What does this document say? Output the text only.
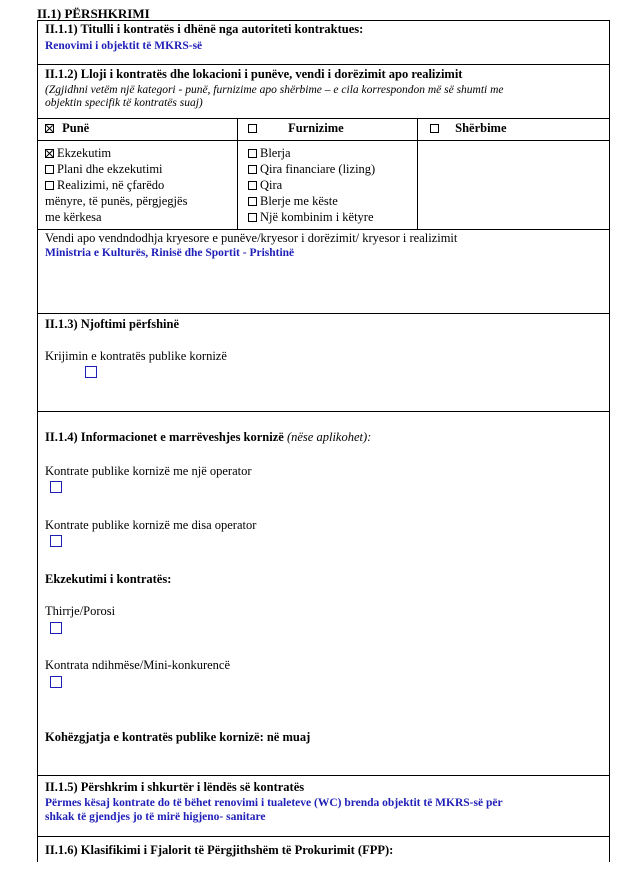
II.1) PËRSHKRIMI
II.1.1) Titulli i kontratës i dhënë nga autoriteti kontraktues:
Renovimi i objektit të MKRS-së
II.1.2) Lloji i kontratës dhe lokacioni i punëve, vendi i dorëzimit apo realizimit
(Zgjidhni vetëm një kategori - punë, furnizime apo shërbime – e cila korrespondon më së shumti me
objektin specifik të kontratës suaj)
Punë	Furnizime	Shërbime
Ekzekutim
Plani dhe ekzekutimi
Realizimi, në çfarëdo
mënyre, të punës, përgjegjës
me kërkesa
Blerja
Qira financiare (lizing)
Qira
Blerje me këste
Një kombinim i këtyre
Vendi apo vendndodhja kryesore e punëve/kryesor i dorëzimit/ kryesor i realizimit
Ministria e Kulturës, Rinisë dhe Sportit - Prishtinë
II.1.3) Njoftimi përfshinë
Krijimin e kontratës publike kornizë
II.1.4) Informacionet e marrëveshjes kornizë (nëse aplikohet):
Kontrate publike kornizë me një operator
Kontrate publike kornizë me disa operator
Ekzekutimi i kontratës:
Thirrje/Porosi
Kontrata ndihmëse/Mini-konkurencë
Kohëzgjatja e kontratës publike kornizë: në muaj
II.1.5) Përshkrim i shkurtër i lëndës së kontratës
Përmes kësaj kontrate do të bëhet renovimi i tualeteve (WC) brenda objektit të MKRS-së për
shkak të gjendjes jo të mirë higjeno- sanitare
II.1.6) Klasifikimi i Fjalorit të Përgjithshëm të Prokurimit (FPP):
